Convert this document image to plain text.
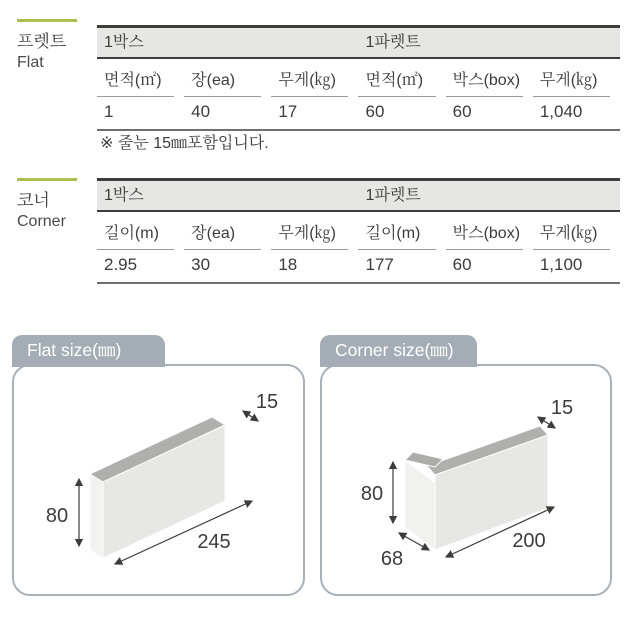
프렛트
Flat
1박스	1파렛트
면적(㎡)	장(ea)	무게(㎏)	면적(㎡)	박스(box)	무게(㎏)
1	40	17	60	60	1,040
※ 줄눈 15㎜포함입니다.
코너
Corner
1박스	1파렛트
길이(m)	장(ea)	무게(㎏)	길이(m)	박스(box)	무게(㎏)
2.95	30	18	177	60	1,100
Flat size(㎜)
15
80
245
Corner size(㎜)
15
80
68
200
